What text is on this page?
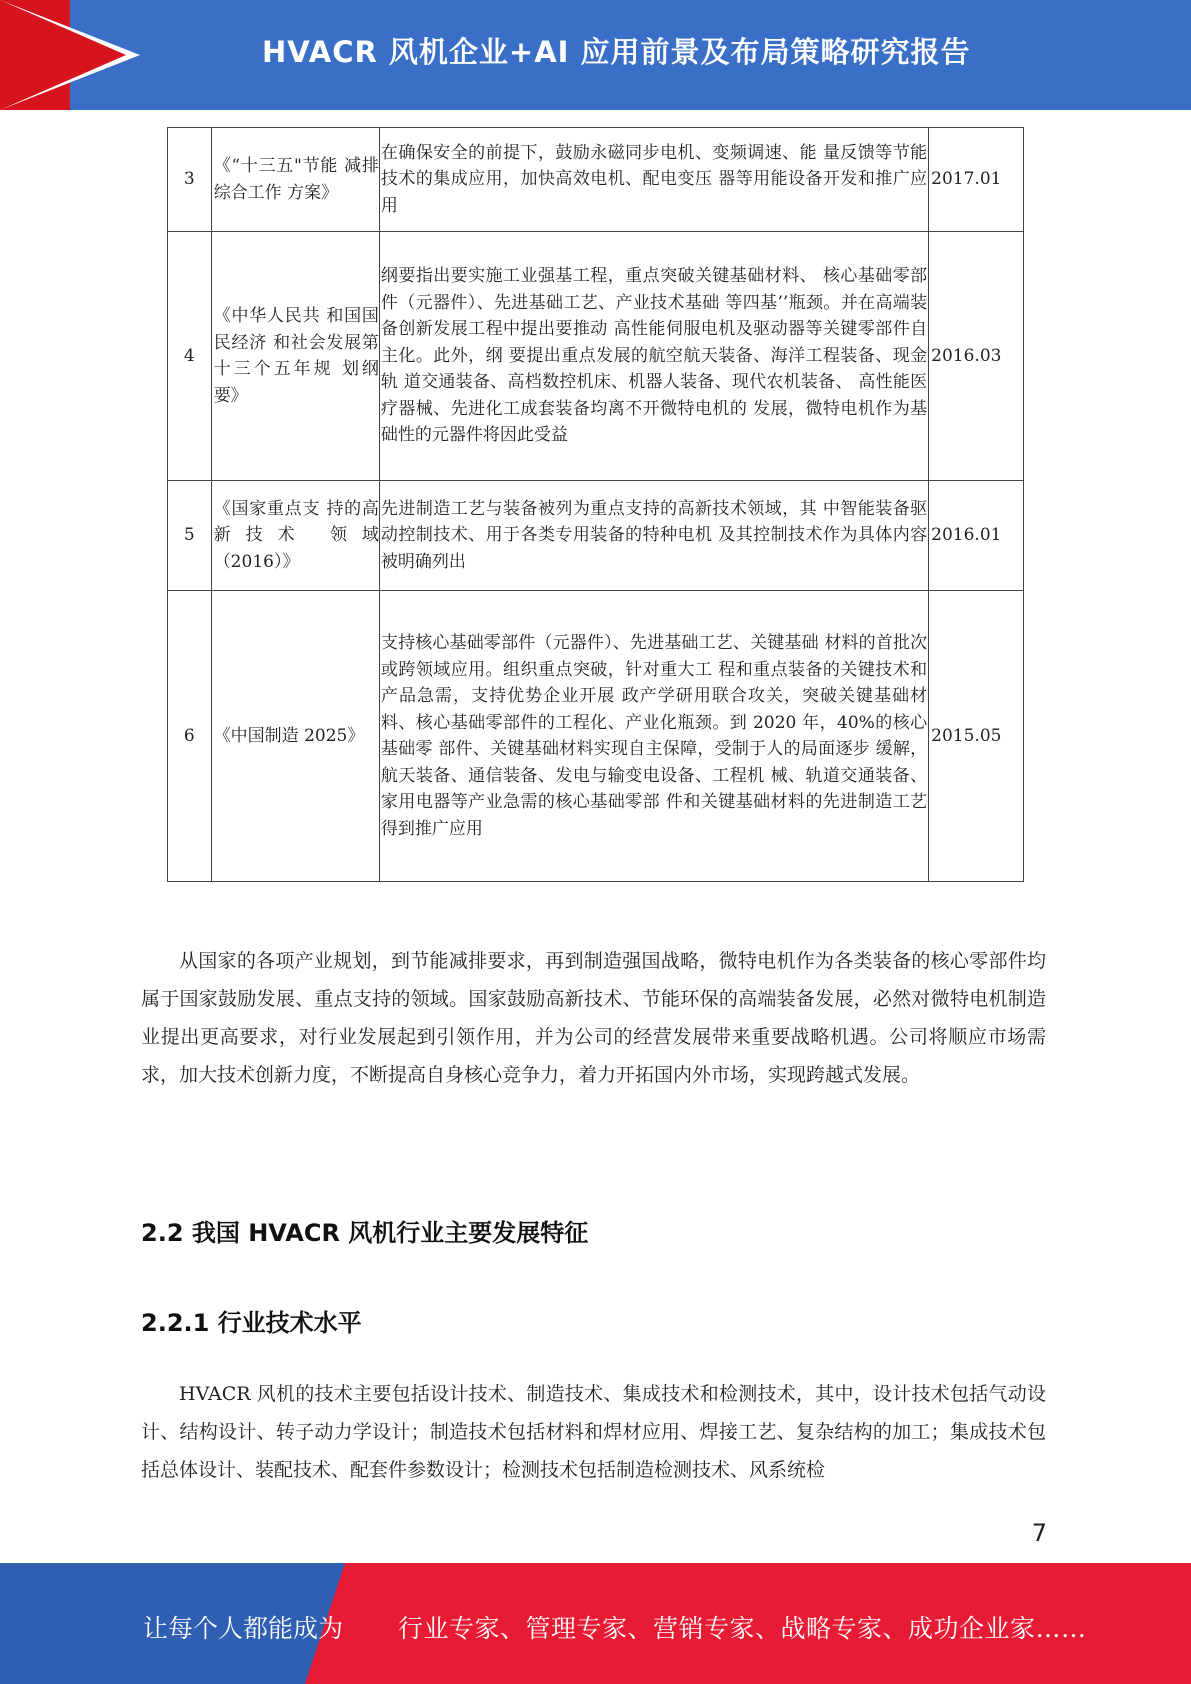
HVACR 风机企业+AI 应用前景及布局策略研究报告
3	《“十三五"节能 减排综合工作 方案》	在确保安全的前提下，鼓励永磁同步电机、变频调速、能 量反馈等节能技术的集成应用，加快高效电机、配电变压 器等用能设备开发和推广应用	2017.01
4	《中华人民共 和国国民经济 和社会发展第 十三个五年规 划纲要》	纲要指出要实施工业强基工程，重点突破关键基础材料、 核心基础零部件（元器件）、先进基础工艺、产业技术基础 等四基’’瓶颈。并在高端装备创新发展工程中提出要推动 高性能伺服电机及驱动器等关键零部件自主化。此外，纲 要提出重点发展的航空航天装备、海洋工程装备、现金轨 道交通装备、高档数控机床、机器人装备、现代农机装备、 高性能医疗器械、先进化工成套装备均离不开微特电机的 发展，微特电机作为基础性的元器件将因此受益	2016.03
5	《国家重点支 持的高新技术 领域（2016）》	先进制造工艺与装备被列为重点支持的高新技术领域，其 中智能装备驱动控制技术、用于各类专用装备的特种电机 及其控制技术作为具体内容被明确列出	2016.01
6	《中国制造 2025》	支持核心基础零部件（元器件）、先进基础工艺、关键基础 材料的首批次或跨领域应用。组织重点突破，针对重大工 程和重点装备的关键技术和产品急需，支持优势企业开展 政产学研用联合攻关，突破关键基础材料、核心基础零部件的工程化、产业化瓶颈。到 2020 年，40%的核心基础零 部件、关键基础材料实现自主保障，受制于人的局面逐步 缓解，航天装备、通信装备、发电与输变电设备、工程机 械、轨道交通装备、家用电器等产业急需的核心基础零部 件和关键基础材料的先进制造工艺得到推广应用	2015.05

从国家的各项产业规划，到节能减排要求，再到制造强国战略，微特电机作为各类装备的核心零部件均属于国家鼓励发展、重点支持的领域。国家鼓励高新技术、节能环保的高端装备发展，必然对微特电机制造业提出更高要求，对行业发展起到引领作用，并为公司的经营发展带来重要战略机遇。公司将顺应市场需求，加大技术创新力度，不断提高自身核心竞争力，着力开拓国内外市场，实现跨越式发展。

2.2 我国 HVACR 风机行业主要发展特征
2.2.1 行业技术水平

HVACR 风机的技术主要包括设计技术、制造技术、集成技术和检测技术，其中，设计技术包括气动设计、结构设计、转子动力学设计；制造技术包括材料和焊材应用、焊接工艺、复杂结构的加工；集成技术包括总体设计、装配技术、配套件参数设计；检测技术包括制造检测技术、风系统检

7
让每个人都能成为 行业专家、管理专家、营销专家、战略专家、成功企业家……
